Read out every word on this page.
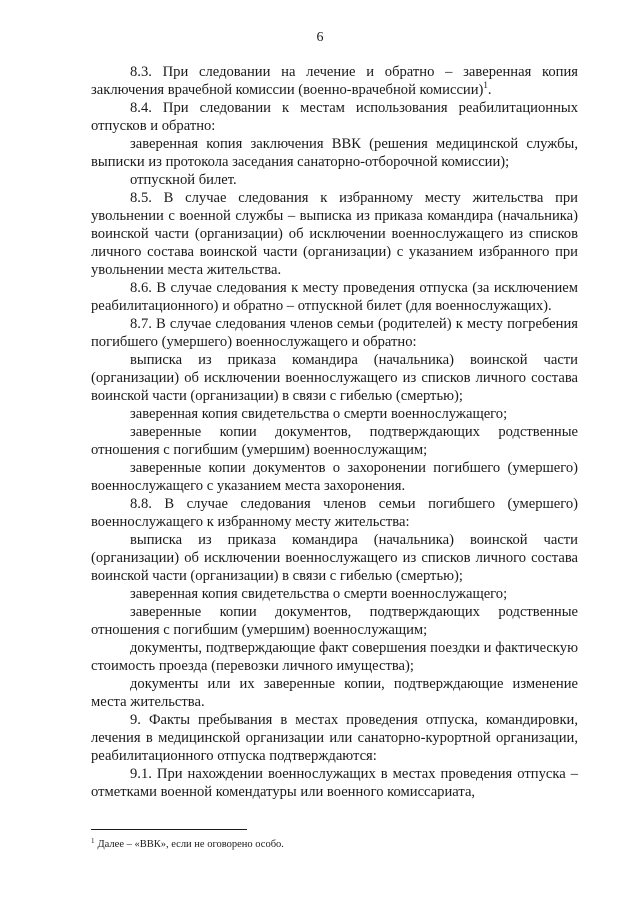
6

8.3. При следовании на лечение и обратно – заверенная копия заключения врачебной комиссии (военно-врачебной комиссии)$^1$.

8.4. При следовании к местам использования реабилитационных отпусков и обратно:

заверенная копия заключения ВВК (решения медицинской службы, выписки из протокола заседания санаторно-отборочной комиссии);

отпускной билет.

8.5. В случае следования к избранному месту жительства при увольнении с военной службы – выписка из приказа командира (начальника) воинской части (организации) об исключении военнослужащего из списков личного состава воинской части (организации) с указанием избранного при увольнении места жительства.

8.6. В случае следования к месту проведения отпуска (за исключением реабилитационного) и обратно – отпускной билет (для военнослужащих).

8.7. В случае следования членов семьи (родителей) к месту погребения погибшего (умершего) военнослужащего и обратно:

выписка из приказа командира (начальника) воинской части (организации) об исключении военнослужащего из списков личного состава воинской части (организации) в связи с гибелью (смертью);

заверенная копия свидетельства о смерти военнослужащего;

заверенные копии документов, подтверждающих родственные отношения с погибшим (умершим) военнослужащим;

заверенные копии документов о захоронении погибшего (умершего) военнослужащего с указанием места захоронения.

8.8. В случае следования членов семьи погибшего (умершего) военнослужащего к избранному месту жительства:

выписка из приказа командира (начальника) воинской части (организации) об исключении военнослужащего из списков личного состава воинской части (организации) в связи с гибелью (смертью);

заверенная копия свидетельства о смерти военнослужащего;

заверенные копии документов, подтверждающих родственные отношения с погибшим (умершим) военнослужащим;

документы, подтверждающие факт совершения поездки и фактическую стоимость проезда (перевозки личного имущества);

документы или их заверенные копии, подтверждающие изменение места жительства.

9. Факты пребывания в местах проведения отпуска, командировки, лечения в медицинской организации или санаторно-курортной организации, реабилитационного отпуска подтверждаются:

9.1. При нахождении военнослужащих в местах проведения отпуска – отметками военной комендатуры или военного комиссариата,

$^1$ Далее – «ВВК», если не оговорено особо.
